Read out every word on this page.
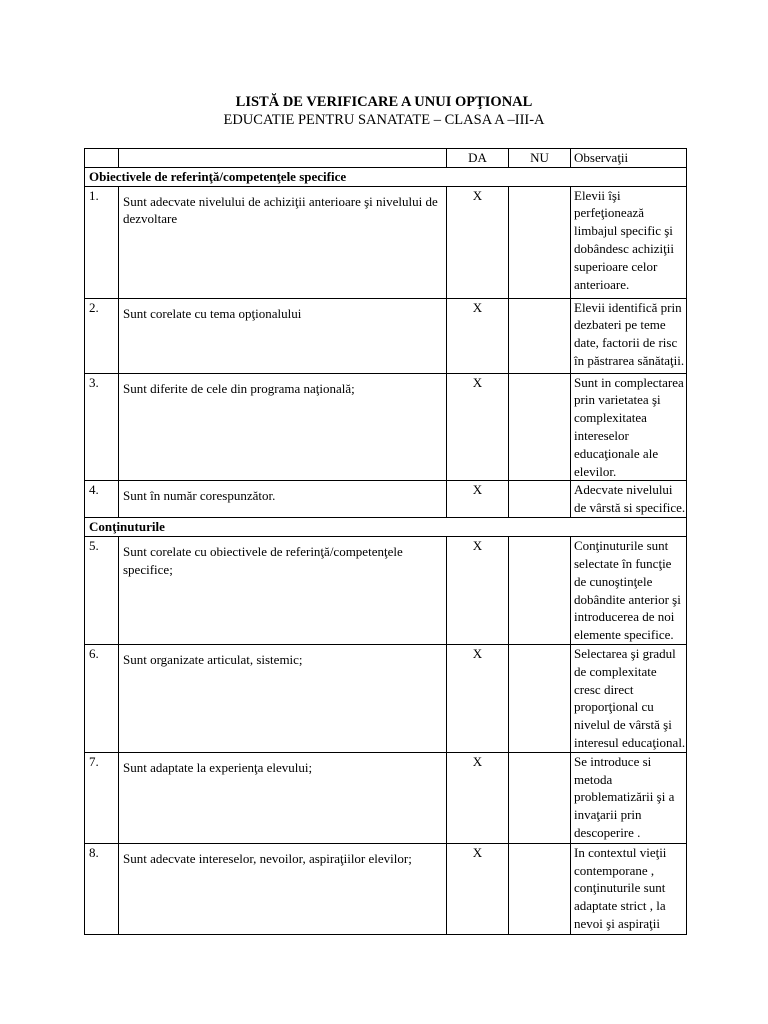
LISTĂ DE VERIFICARE A UNUI OPŢIONAL
EDUCATIE PENTRU SANATATE – CLASA A –III-A
		DA	NU	Observaţii
Obiectivele de referinţă/competenţele specifice				
1.	Sunt adecvate nivelului de achiziţii anterioare şi nivelului de dezvoltare	X		Elevii îşi perfeţionează limbajul specific şi dobândesc achiziţii superioare celor anterioare.
2.	Sunt corelate cu tema opţionalului	X		Elevii identifică prin dezbateri pe teme date, factorii de risc în păstrarea sănătaţii.
3.	Sunt diferite de cele din programa naţională;	X		Sunt in complectarea prin varietatea şi complexitatea intereselor educaţionale ale elevilor.
4.	Sunt în număr corespunzător.	X		Adecvate nivelului de vârstă si specifice.
Conţinuturile				
5.	Sunt corelate cu obiectivele de referinţă/competenţele specifice;	X		Conţinuturile sunt selectate în funcţie de cunoştinţele dobândite anterior şi introducerea de noi elemente specifice.
6.	Sunt organizate articulat, sistemic;	X		Selectarea şi gradul de complexitate cresc direct proporţional cu nivelul de vârstă şi interesul educaţional.
7.	Sunt adaptate la experienţa elevului;	X		Se introduce si metoda problematizării şi a invaţarii prin descoperire .
8.	Sunt adecvate intereselor, nevoilor, aspiraţiilor elevilor;	X		In contextul vieţii contemporane , conţinuturile sunt adaptate strict , la nevoi şi aspiraţii
